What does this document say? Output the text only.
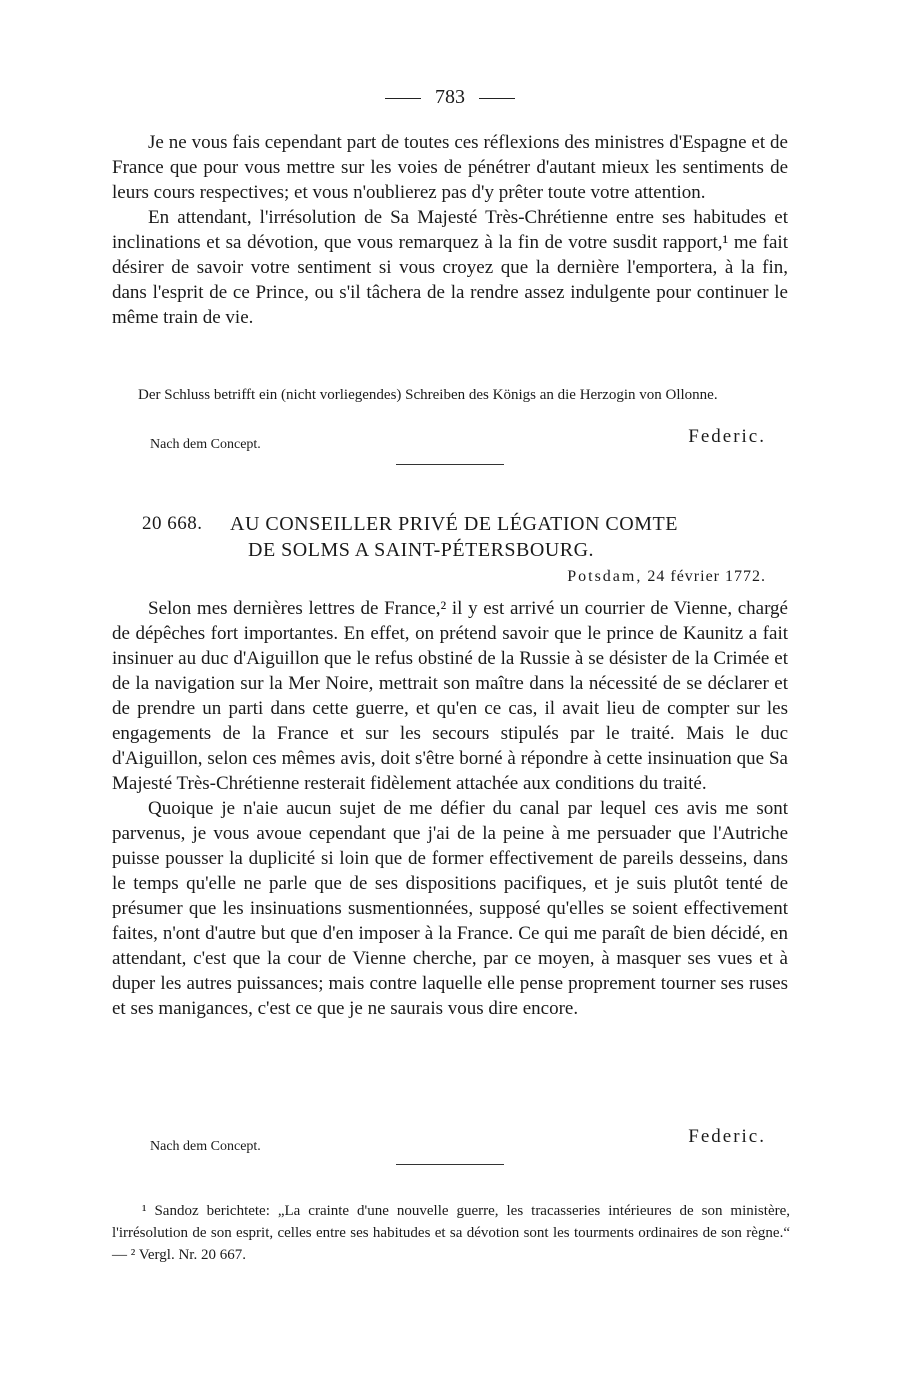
783

Je ne vous fais cependant part de toutes ces réflexions des ministres d'Espagne et de France que pour vous mettre sur les voies de pénétrer d'autant mieux les sentiments de leurs cours respectives; et vous n'oublierez pas d'y prêter toute votre attention.

En attendant, l'irrésolution de Sa Majesté Très-Chrétienne entre ses habitudes et inclinations et sa dévotion, que vous remarquez à la fin de votre susdit rapport,¹ me fait désirer de savoir votre sentiment si vous croyez que la dernière l'emportera, à la fin, dans l'esprit de ce Prince, ou s'il tâchera de la rendre assez indulgente pour continuer le même train de vie.

Der Schluss betrifft ein (nicht vorliegendes) Schreiben des Königs an die Herzogin von Ollonne.

Nach dem Concept.	Federic.
20 668. AU CONSEILLER PRIVÉ DE LÉGATION COMTE
DE SOLMS A SAINT-PÉTERSBOURG.
Potsdam, 24 février 1772.

Selon mes dernières lettres de France,² il y est arrivé un courrier de Vienne, chargé de dépêches fort importantes. En effet, on prétend savoir que le prince de Kaunitz a fait insinuer au duc d'Aiguillon que le refus obstiné de la Russie à se désister de la Crimée et de la navigation sur la Mer Noire, mettrait son maître dans la nécessité de se déclarer et de prendre un parti dans cette guerre, et qu'en ce cas, il avait lieu de compter sur les engagements de la France et sur les secours stipulés par le traité. Mais le duc d'Aiguillon, selon ces mêmes avis, doit s'être borné à répondre à cette insinuation que Sa Majesté Très-Chrétienne resterait fidèlement attachée aux conditions du traité.

Quoique je n'aie aucun sujet de me défier du canal par lequel ces avis me sont parvenus, je vous avoue cependant que j'ai de la peine à me persuader que l'Autriche puisse pousser la duplicité si loin que de former effectivement de pareils desseins, dans le temps qu'elle ne parle que de ses dispositions pacifiques, et je suis plutôt tenté de présumer que les insinuations susmentionnées, supposé qu'elles se soient effectivement faites, n'ont d'autre but que d'en imposer à la France. Ce qui me paraît de bien décidé, en attendant, c'est que la cour de Vienne cherche, par ce moyen, à masquer ses vues et à duper les autres puissances; mais contre laquelle elle pense proprement tourner ses ruses et ses manigances, c'est ce que je ne saurais vous dire encore.

Nach dem Concept.	Federic.

¹ Sandoz berichtete: „La crainte d'une nouvelle guerre, les tracasseries intérieures de son ministère, l'irrésolution de son esprit, celles entre ses habitudes et sa dévotion sont les tourments ordinaires de son règne.“ — ² Vergl. Nr. 20 667.
